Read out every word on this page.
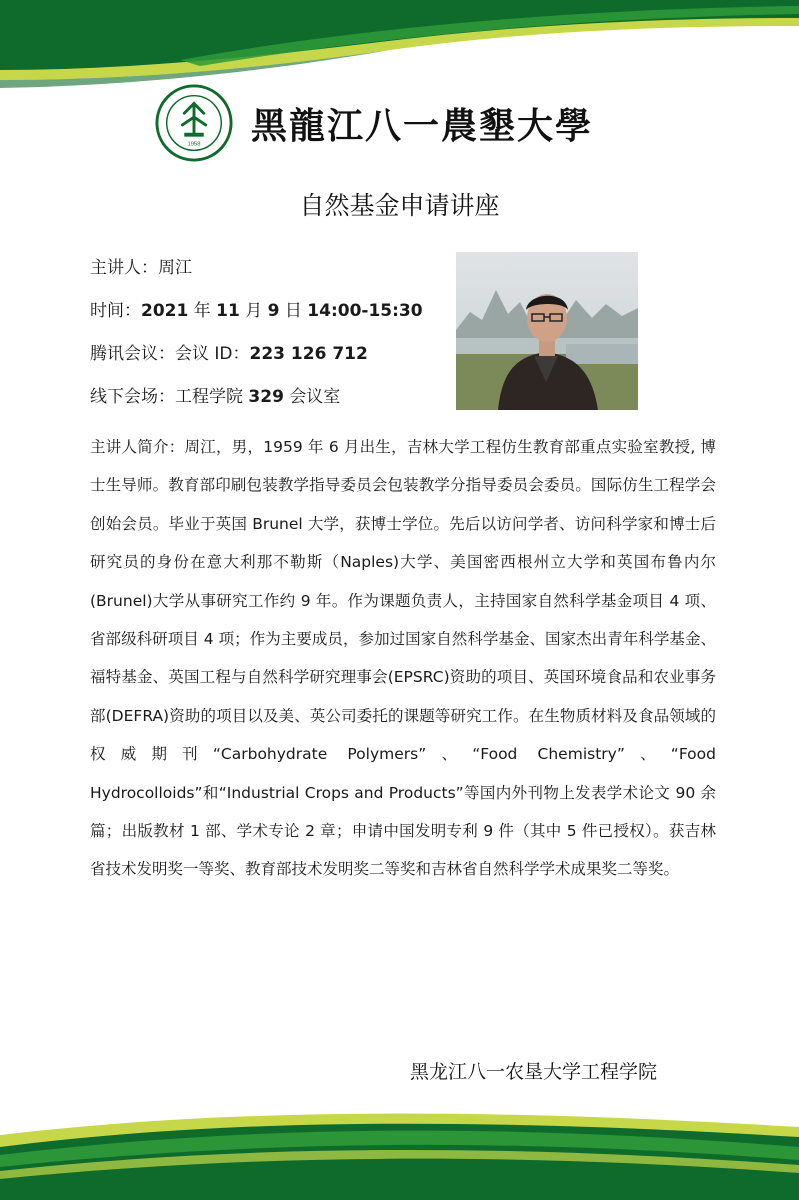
1958 黑龍江八一農墾大學
自然基金申请讲座
主讲人：周江
时间：2021 年 11 月 9 日 14:00-15:30
腾讯会议：会议 ID：223 126 712
线下会场：工程学院 329 会议室
主讲人简介：周江，男，1959 年 6 月出生，吉林大学工程仿生教育部重点实验室教授, 博士生导师。教育部印刷包装教学指导委员会包装教学分指导委员会委员。国际仿生工程学会创始会员。毕业于英国 Brunel 大学，获博士学位。先后以访问学者、访问科学家和博士后研究员的身份在意大利那不勒斯（Naples)大学、美国密西根州立大学和英国布鲁内尔(Brunel)大学从事研究工作约 9 年。作为课题负责人，主持国家自然科学基金项目 4 项、省部级科研项目 4 项；作为主要成员，参加过国家自然科学基金、国家杰出青年科学基金、福特基金、英国工程与自然科学研究理事会(EPSRC)资助的项目、英国环境食品和农业事务部(DEFRA)资助的项目以及美、英公司委托的课题等研究工作。在生物质材料及食品领域的权威期刊“Carbohydrate Polymers”、“Food Chemistry”、“Food Hydrocolloids”和“Industrial Crops and Products”等国内外刊物上发表学术论文 90 余篇；出版教材 1 部、学术专论 2 章；申请中国发明专利 9 件（其中 5 件已授权）。获吉林省技术发明奖一等奖、教育部技术发明奖二等奖和吉林省自然科学学术成果奖二等奖。
黑龙江八一农垦大学工程学院
